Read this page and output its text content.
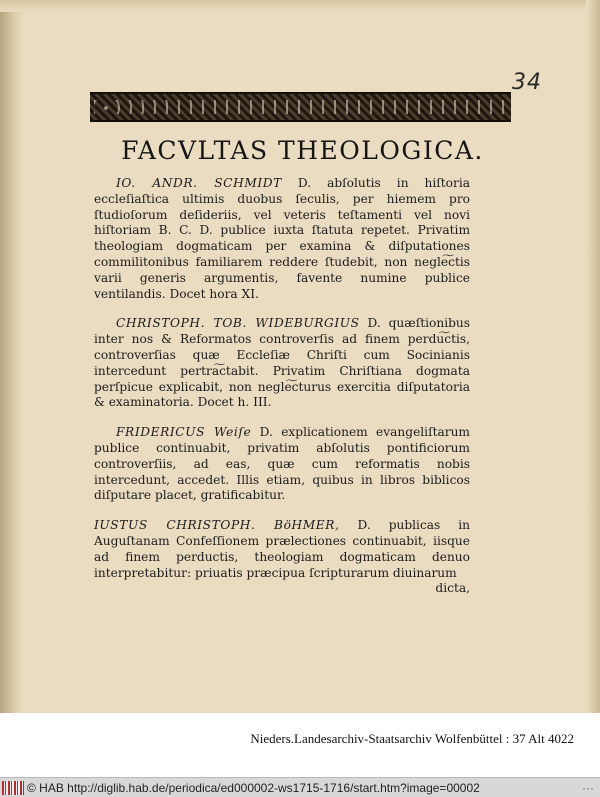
34
FACVLTAS THEOLOGICA.

IO. ANDR. SCHMIDT D. abſolutis in hiſtoria eccleſiaſtica ultimis duobus ſeculis, per hiemem pro ſtudioſorum deſideriis, vel veteris teſtamenti vel novi hiſtoriam B. C. D. publice iuxta ſtatuta repetet. Privatim theologiam dogmaticam per examina & diſputationes commilitonibus familiarem reddere ſtudebit, non negle͠ctis varii generis argumentis, favente numine publice ventilandis. Docet hora XI.

CHRISTOPH. TOB. WIDEBURGIUS D. quæſtionibus inter nos & Reformatos controverſis ad finem perdu͠ctis, controverſias quæ Eccleſiæ Chriſti cum Socinianis intercedunt pertra͠ctabit. Privatim Chriſtiana dogmata perſpicue explicabit, non negle͠cturus exercitia diſputatoria & examinatoria. Docet h. III.

FRIDERICUS Weiſe D. explicationem evangeliſtarum publice continuabit, privatim abſolutis pontificiorum controverſiis, ad eas, quæ cum reformatis nobis intercedunt, accedet. Illis etiam, quibus in libros biblicos diſputare placet, gratificabitur.

IUSTUS CHRISTOPH. BöHMER, D. publicas in Auguſtanam Confeſſionem prælectiones continuabit, iisque ad finem perductis, theologiam dogmaticam denuo interpretabitur: priuatis præcipua ſcripturarum diuinarum
dicta,

Nieders.Landesarchiv-Staatsarchiv Wolfenbüttel : 37 Alt 4022
© HAB http://diglib.hab.de/periodica/ed000002-ws1715-1716/start.htm?image=00002	···
